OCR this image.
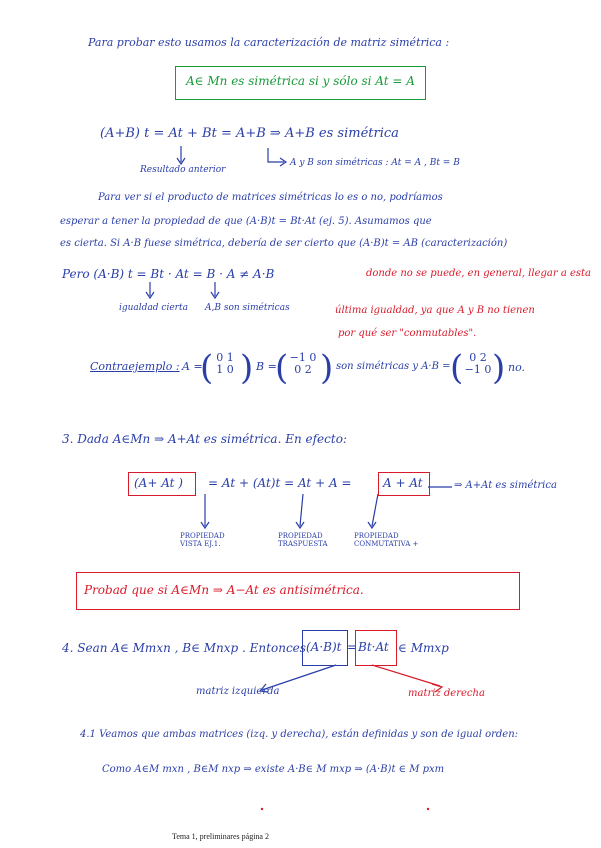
Para probar esto usamos la caracterización de matriz simétrica :
A∈ Mn es simétrica si y sólo si At = A
(A+B) t = At + Bt = A+B ⇒ A+B es simétrica
Resultado anterior
A y B son simétricas : At = A , Bt = B
Para ver si el producto de matrices simétricas lo es o no, podríamos
esperar a tener la propiedad de que (A·B)t = Bt·At (ej. 5). Asumamos que
es cierta. Si A·B fuese simétrica, debería de ser cierto que (A·B)t = AB (caracterización)
Pero (A·B) t = Bt · At = B · A ≠ A·B	donde no se puede, en general, llegar a esta
igualdad cierta A,B son simétricas	última igualdad, ya que A y B no tienen
por qué ser "conmutables".
Contraejemplo : A =
( 0 1
1 0 ) B =
( −1 0
0 2 ) son simétricas y A·B = ( 0 2
−1 0 ) no.
3. Dada A∈Mn ⇒ A+At es simétrica. En efecto:
(A+ At ) = At + (At)t = At + A =	A + At	⇒ A+At es simétrica
PROPIEDAD
VISTA EJ.1.
PROPIEDAD
TRASPUESTA
PROPIEDAD
CONMUTATIVA +
Probad que si A∈Mn ⇒ A−At es antisimétrica.
4. Sean A∈ Mmxn , B∈ Mnxp . Entonces (A·B)t = Bt·At ∈ Mmxp
matriz izquierda	matriz derecha
4.1 Veamos que ambas matrices (izq. y derecha), están definidas y son de igual orden:
Como A∈M mxn , B∈M nxp ⇒ existe A·B∈ M mxp ⇒ (A·B)t ∈ M pxm
Tema 1, preliminares página 2
